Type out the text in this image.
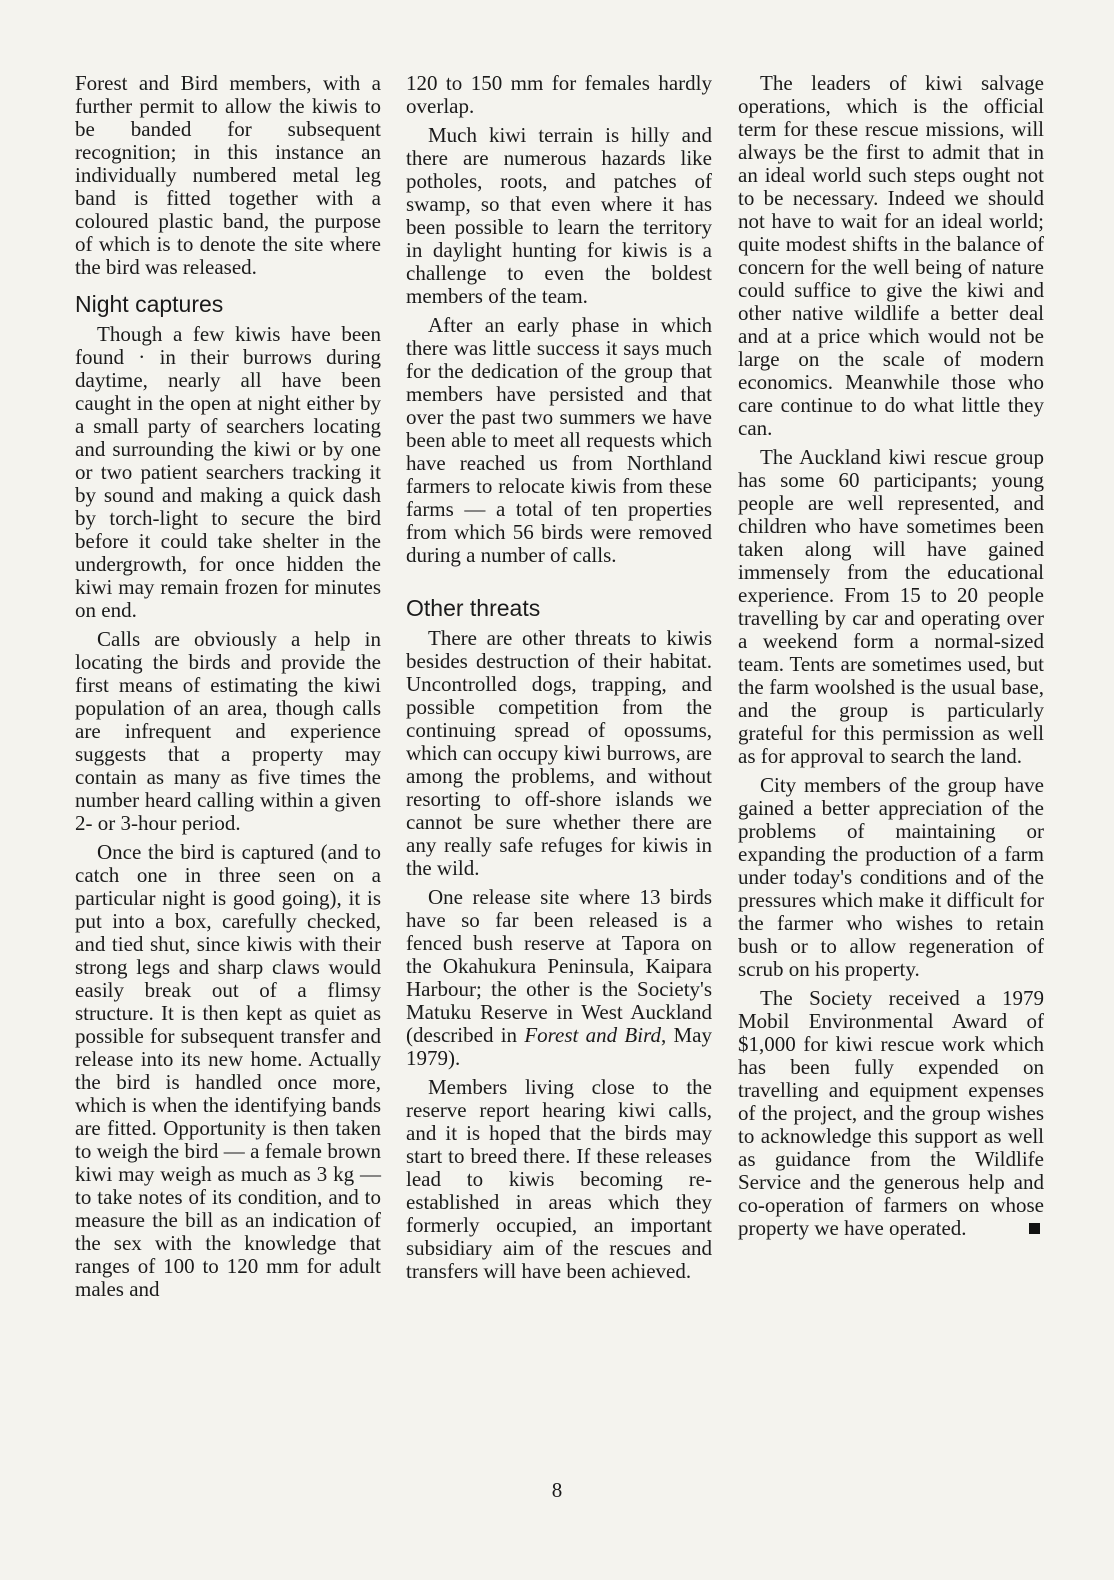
Forest and Bird members, with a further permit to allow the kiwis to be banded for subsequent recognition; in this instance an individually numbered metal leg band is fitted together with a coloured plastic band, the purpose of which is to denote the site where the bird was released.

Night captures

Though a few kiwis have been found · in their burrows during daytime, nearly all have been caught in the open at night either by a small party of searchers locating and surrounding the kiwi or by one or two patient searchers tracking it by sound and making a quick dash by torch-light to secure the bird before it could take shelter in the undergrowth, for once hidden the kiwi may remain frozen for minutes on end.

Calls are obviously a help in locating the birds and provide the first means of estimating the kiwi population of an area, though calls are infrequent and experience suggests that a property may contain as many as five times the number heard calling within a given 2- or 3-hour period.

Once the bird is captured (and to catch one in three seen on a particular night is good going), it is put into a box, carefully checked, and tied shut, since kiwis with their strong legs and sharp claws would easily break out of a flimsy structure. It is then kept as quiet as possible for subsequent transfer and release into its new home. Actually the bird is handled once more, which is when the identifying bands are fitted. Opportunity is then taken to weigh the bird — a female brown kiwi may weigh as much as 3 kg — to take notes of its condition, and to measure the bill as an indication of the sex with the knowledge that ranges of 100 to 120 mm for adult males and

120 to 150 mm for females hardly overlap.

Much kiwi terrain is hilly and there are numerous hazards like potholes, roots, and patches of swamp, so that even where it has been possible to learn the territory in daylight hunting for kiwis is a challenge to even the boldest members of the team.

After an early phase in which there was little success it says much for the dedication of the group that members have persisted and that over the past two summers we have been able to meet all requests which have reached us from Northland farmers to relocate kiwis from these farms — a total of ten properties from which 56 birds were removed during a number of calls.

Other threats

There are other threats to kiwis besides destruction of their habitat. Uncontrolled dogs, trapping, and possible competition from the continuing spread of opossums, which can occupy kiwi burrows, are among the problems, and without resorting to off-shore islands we cannot be sure whether there are any really safe refuges for kiwis in the wild.

One release site where 13 birds have so far been released is a fenced bush reserve at Tapora on the Okahukura Peninsula, Kaipara Harbour; the other is the Society's Matuku Reserve in West Auckland (described in Forest and Bird, May 1979).

Members living close to the reserve report hearing kiwi calls, and it is hoped that the birds may start to breed there. If these releases lead to kiwis becoming re-established in areas which they formerly occupied, an important subsidiary aim of the rescues and transfers will have been achieved.

The leaders of kiwi salvage operations, which is the official term for these rescue missions, will always be the first to admit that in an ideal world such steps ought not to be necessary. Indeed we should not have to wait for an ideal world; quite modest shifts in the balance of concern for the well being of nature could suffice to give the kiwi and other native wildlife a better deal and at a price which would not be large on the scale of modern economics. Meanwhile those who care continue to do what little they can.

The Auckland kiwi rescue group has some 60 participants; young people are well represented, and children who have sometimes been taken along will have gained immensely from the educational experience. From 15 to 20 people travelling by car and operating over a weekend form a normal-sized team. Tents are sometimes used, but the farm woolshed is the usual base, and the group is particularly grateful for this permission as well as for approval to search the land.

City members of the group have gained a better appreciation of the problems of maintaining or expanding the production of a farm under today's conditions and of the pressures which make it difficult for the farmer who wishes to retain bush or to allow regeneration of scrub on his property.

The Society received a 1979 Mobil Environmental Award of $1,000 for kiwi rescue work which has been fully expended on travelling and equipment expenses of the project, and the group wishes to acknowledge this support as well as guidance from the Wildlife Service and the generous help and co-operation of farmers on whose property we have operated.

8
